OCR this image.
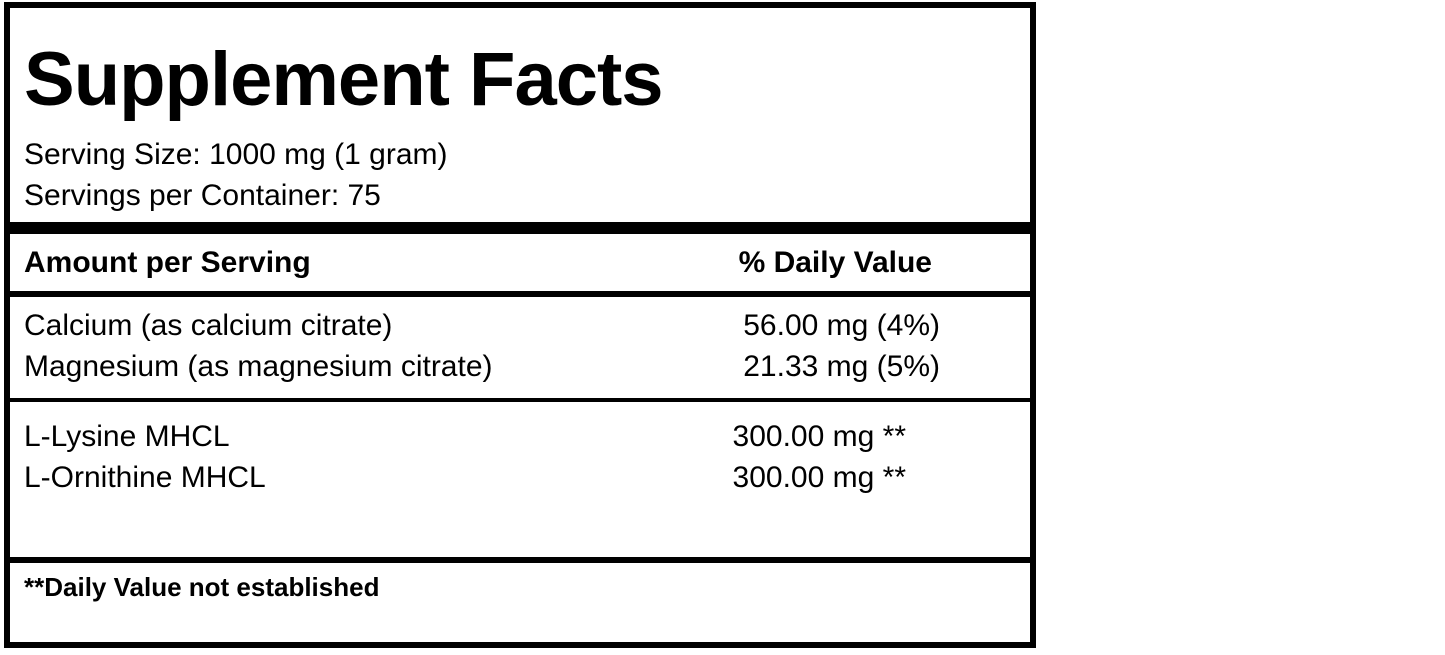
Supplement Facts
Serving Size: 1000 mg (1 gram)
Servings per Container: 75
Amount per Serving	% Daily Value
Calcium (as calcium citrate)	56.00 mg (4%)
Magnesium (as magnesium citrate)	21.33 mg (5%)
L-Lysine MHCL	300.00 mg **
L-Ornithine MHCL	300.00 mg **
**Daily Value not established
